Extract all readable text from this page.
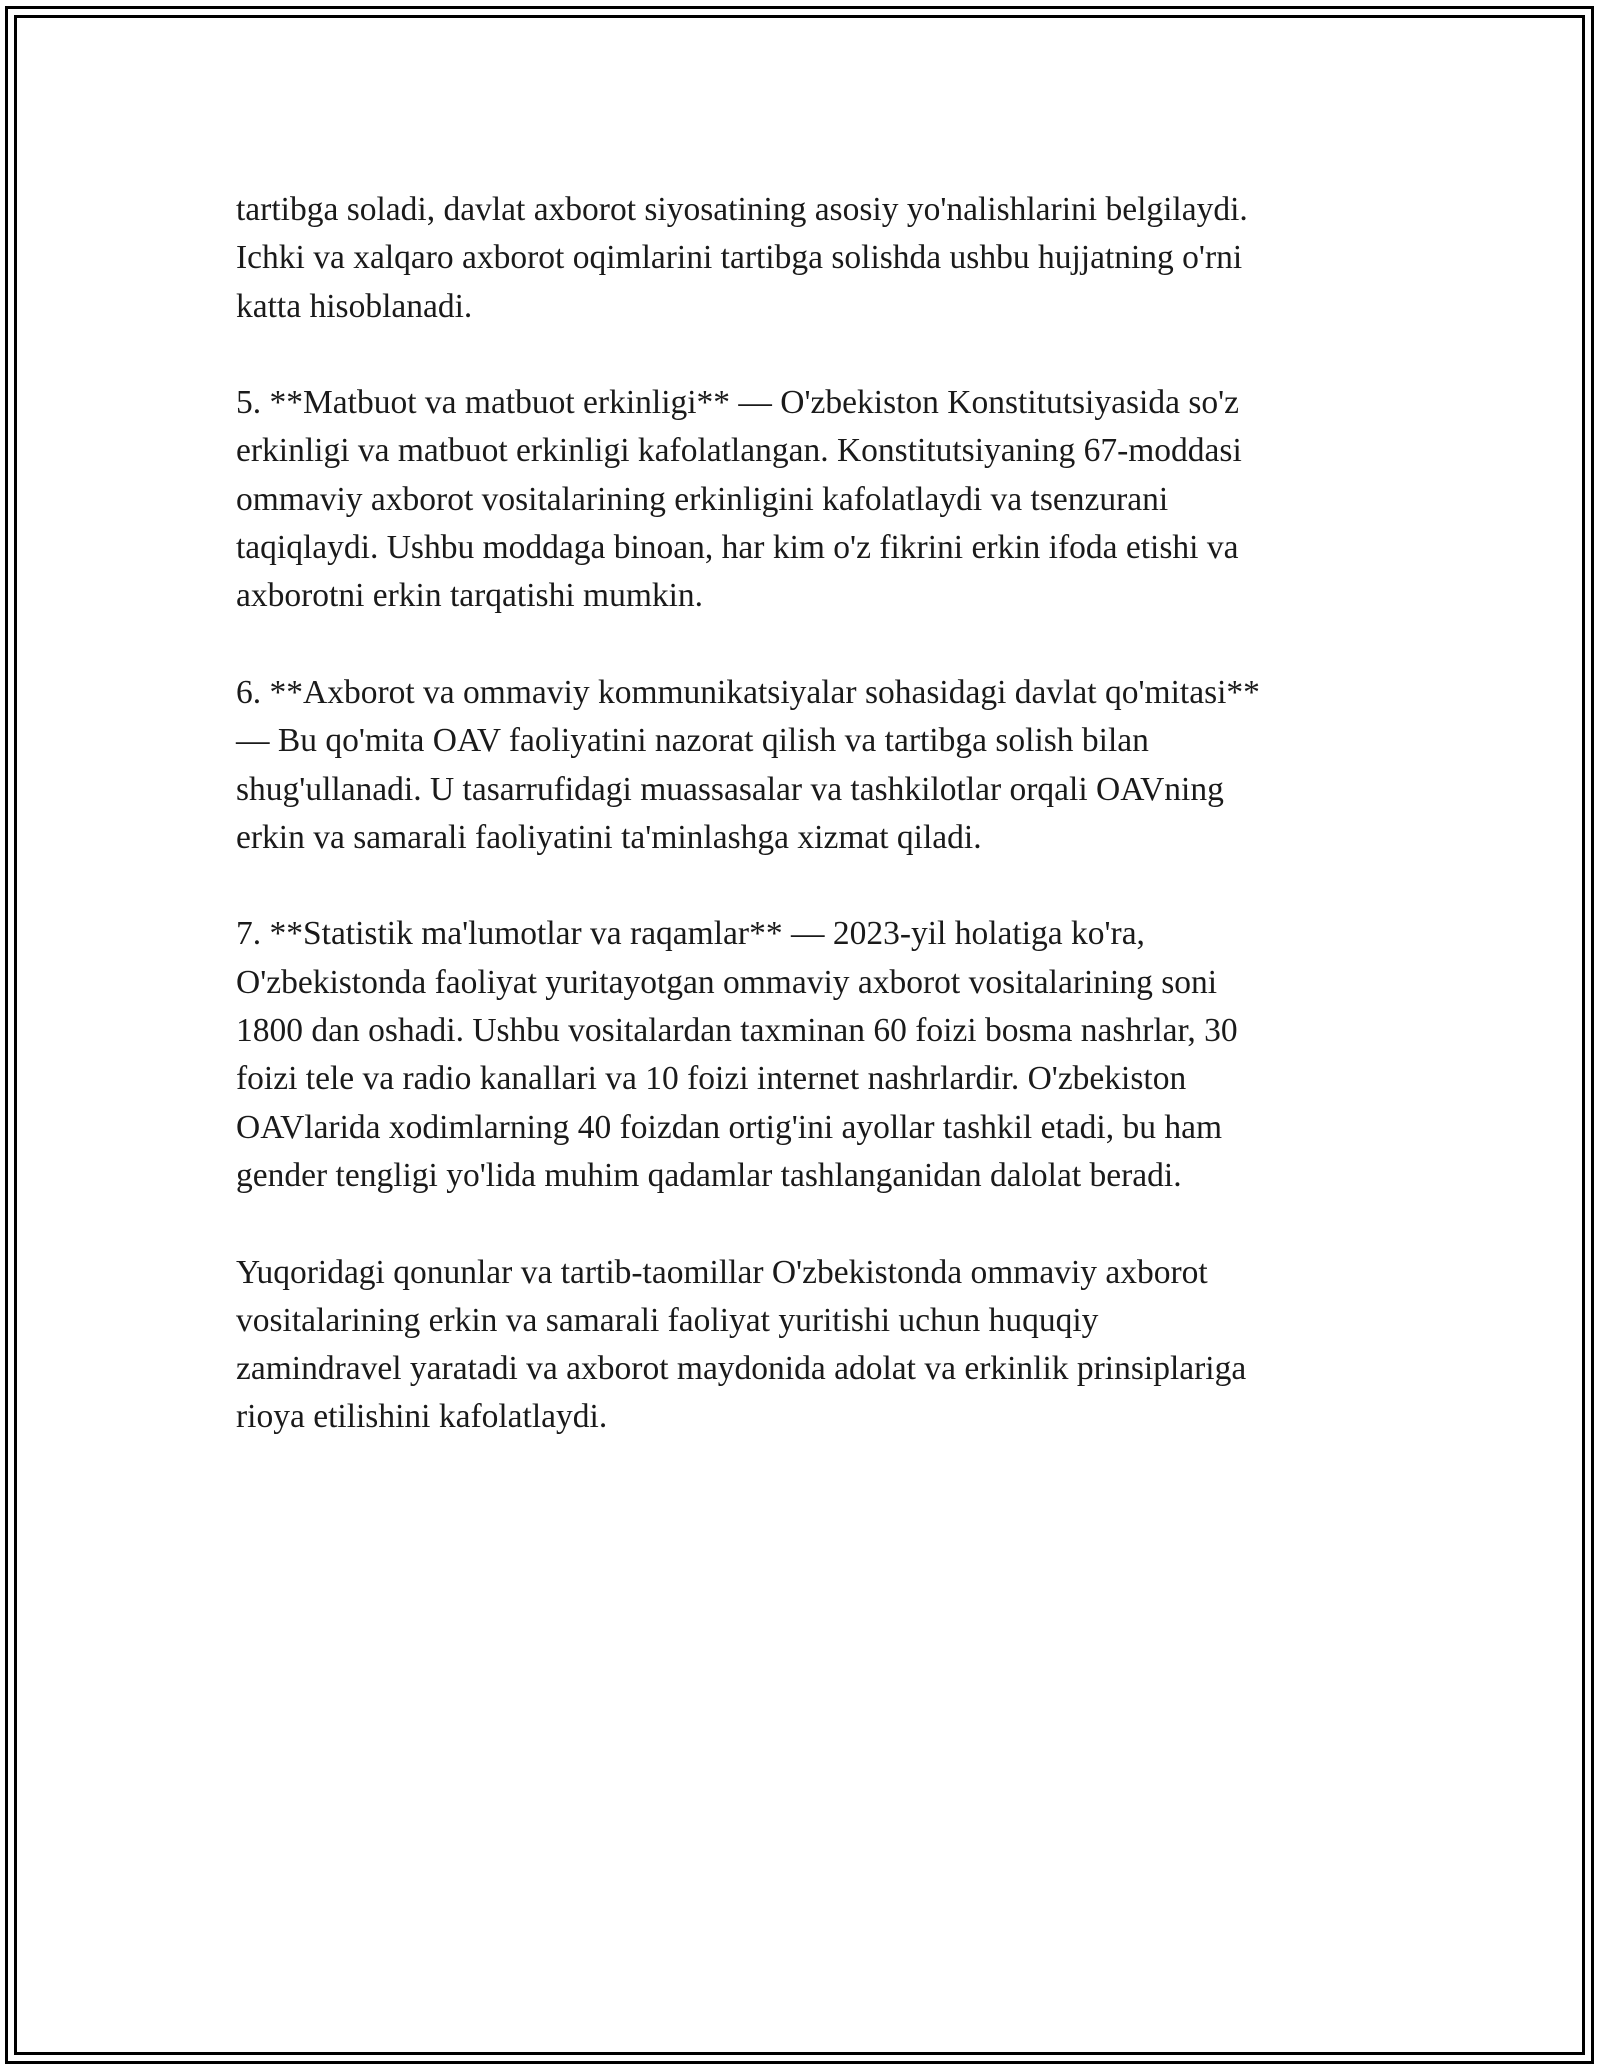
tartibga soladi, davlat axborot siyosatining asosiy yo'nalishlarini belgilaydi.
Ichki va xalqaro axborot oqimlarini tartibga solishda ushbu hujjatning o'rni
katta hisoblanadi.

5. **Matbuot va matbuot erkinligi** — O'zbekiston Konstitutsiyasida so'z
erkinligi va matbuot erkinligi kafolatlangan. Konstitutsiyaning 67-moddasi
ommaviy axborot vositalarining erkinligini kafolatlaydi va tsenzurani
taqiqlaydi. Ushbu moddaga binoan, har kim o'z fikrini erkin ifoda etishi va
axborotni erkin tarqatishi mumkin.

6. **Axborot va ommaviy kommunikatsiyalar sohasidagi davlat qo'mitasi**
— Bu qo'mita OAV faoliyatini nazorat qilish va tartibga solish bilan
shug'ullanadi. U tasarrufidagi muassasalar va tashkilotlar orqali OAVning
erkin va samarali faoliyatini ta'minlashga xizmat qiladi.

7. **Statistik ma'lumotlar va raqamlar** — 2023-yil holatiga ko'ra,
O'zbekistonda faoliyat yuritayotgan ommaviy axborot vositalarining soni
1800 dan oshadi. Ushbu vositalardan taxminan 60 foizi bosma nashrlar, 30
foizi tele va radio kanallari va 10 foizi internet nashrlardir. O'zbekiston
OAVlarida xodimlarning 40 foizdan ortig'ini ayollar tashkil etadi, bu ham
gender tengligi yo'lida muhim qadamlar tashlanganidan dalolat beradi.

Yuqoridagi qonunlar va tartib-taomillar O'zbekistonda ommaviy axborot
vositalarining erkin va samarali faoliyat yuritishi uchun huquqiy
zamindravel yaratadi va axborot maydonida adolat va erkinlik prinsiplariga
rioya etilishini kafolatlaydi.
